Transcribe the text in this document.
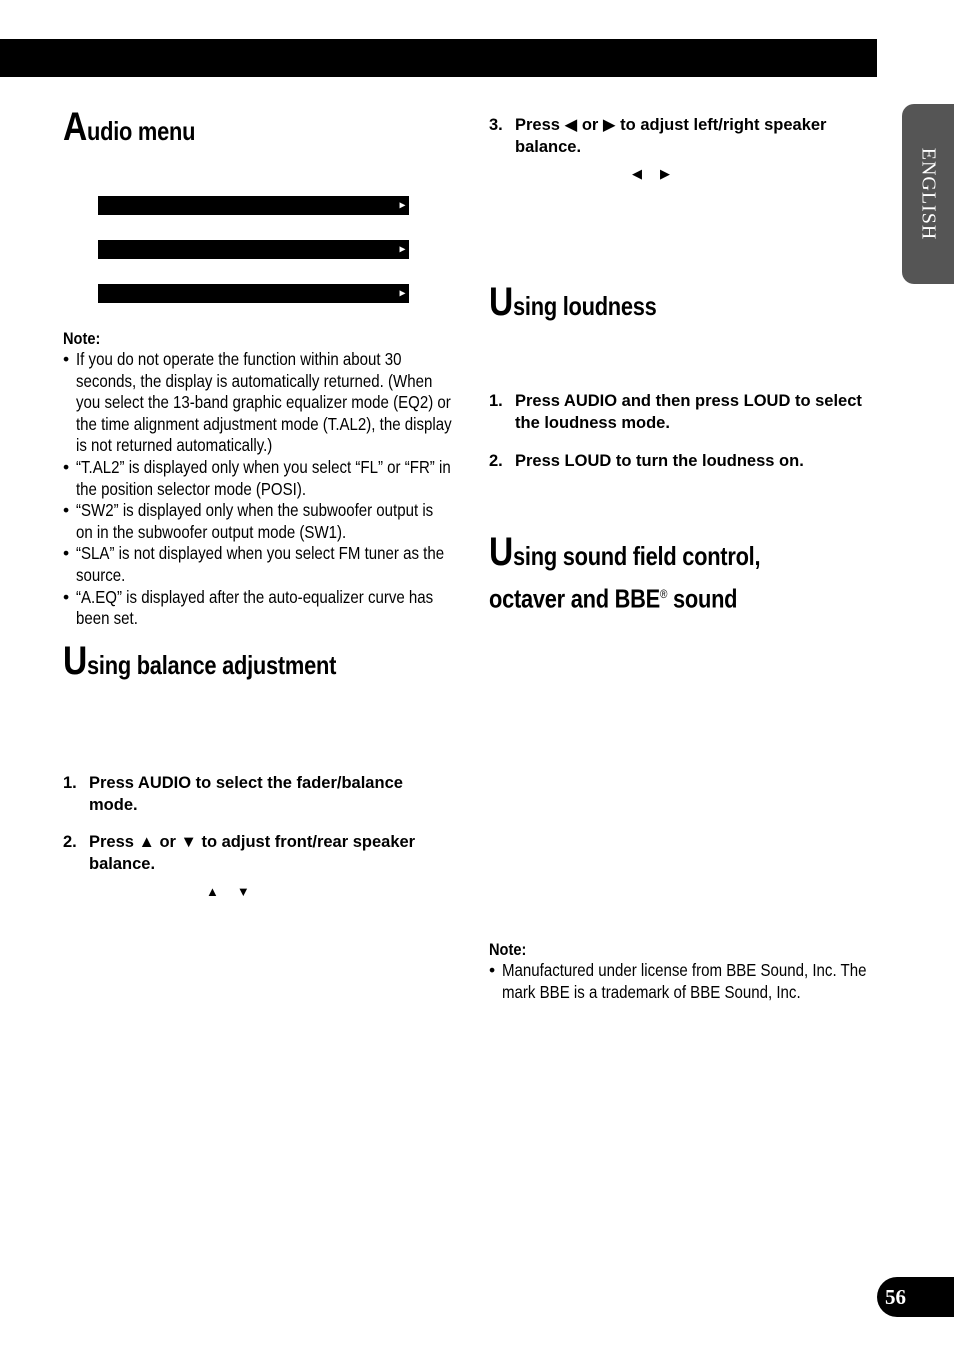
ENGLISH
Audio menu

F/B  LOUD  SFC  EQ 1  EQ2  ASL
▶

POSI T.AL1 T.AL2 SW1  SW2  HPFF
▶

HPFR  SLA  A.EQ  D.ATT
▶

Note:
• If you do not operate the function within about 30 seconds, the display is automatically returned. (When you select the 13-band graphic equalizer mode (EQ2) or the time alignment adjustment mode (T.AL2), the display is not returned automatically.)
• “T.AL2” is displayed only when you select “FL” or “FR” in the position selector mode (POSI).
• “SW2” is displayed only when the subwoofer output is on in the subwoofer output mode (SW1).
• “SLA” is not displayed when you select FM tuner as the source.
• “A.EQ” is displayed after the auto-equalizer curve has been set.
Using balance adjustment
1. Press AUDIO to select the fader/balance mode.
2. Press ▲ or ▼ to adjust front/rear speaker balance.
▲     ▼
3. Press ◀ or ▶ to adjust left/right speaker balance.
◀     ▶
Using loudness
1. Press AUDIO and then press LOUD to select the loudness mode.
2. Press LOUD to turn the loudness on.
Using sound field control,
octaver and BBE® sound
Note:
• Manufactured under license from BBE Sound, Inc. The mark BBE is a trademark of BBE Sound, Inc.
56
